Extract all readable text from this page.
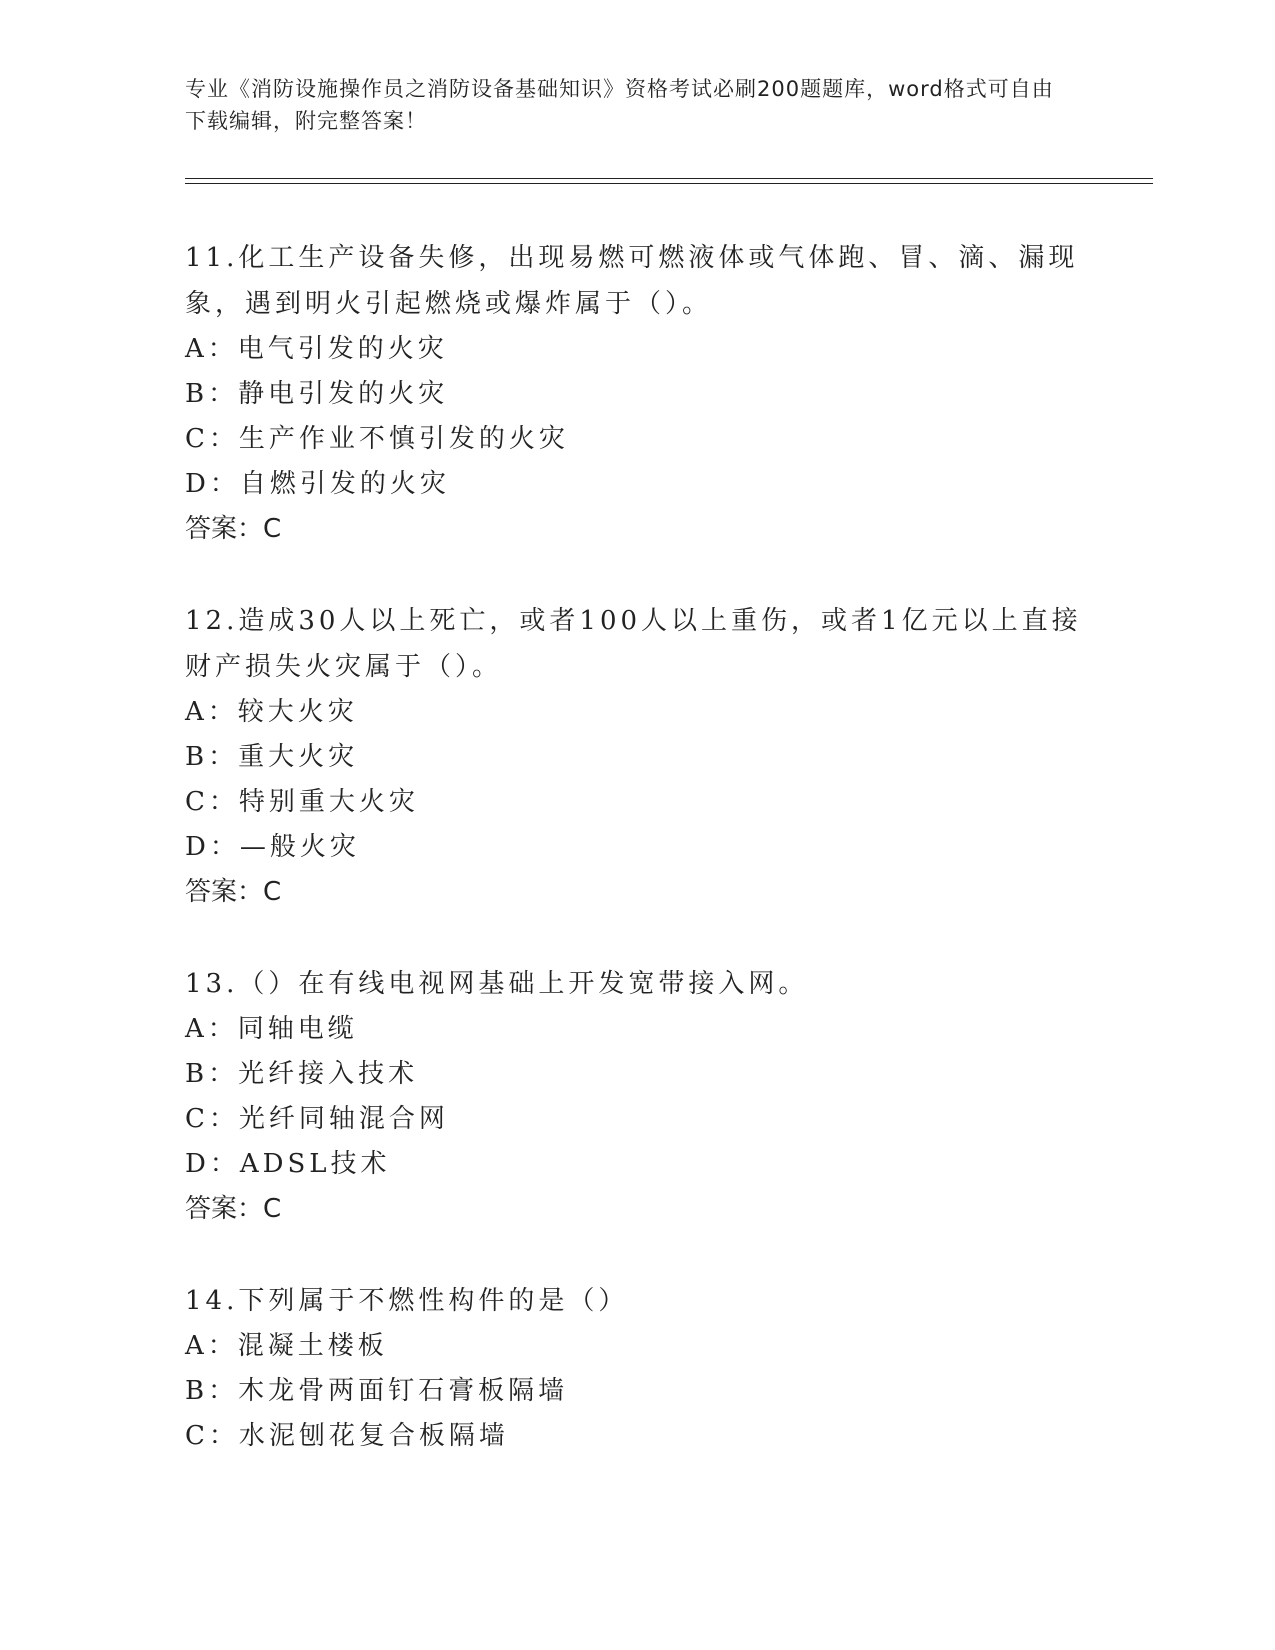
专业《消防设施操作员之消防设备基础知识》资格考试必刷200题题库，word格式可自由下载编辑，附完整答案！

11.化工生产设备失修，出现易燃可燃液体或气体跑、冒、滴、漏现象，遇到明火引起燃烧或爆炸属于（）。

A：电气引发的火灾

B：静电引发的火灾

C：生产作业不慎引发的火灾

D：自燃引发的火灾

答案：C

12.造成30人以上死亡，或者100人以上重伤，或者1亿元以上直接财产损失火灾属于（）。

A：较大火灾

B：重大火灾

C：特别重大火灾

D：—般火灾

答案：C

13.（）在有线电视网基础上开发宽带接入网。

A：同轴电缆

B：光纤接入技术

C：光纤同轴混合网

D：ADSL技术

答案：C

14.下列属于不燃性构件的是（）

A：混凝土楼板

B：木龙骨两面钉石膏板隔墙

C：水泥刨花复合板隔墙
